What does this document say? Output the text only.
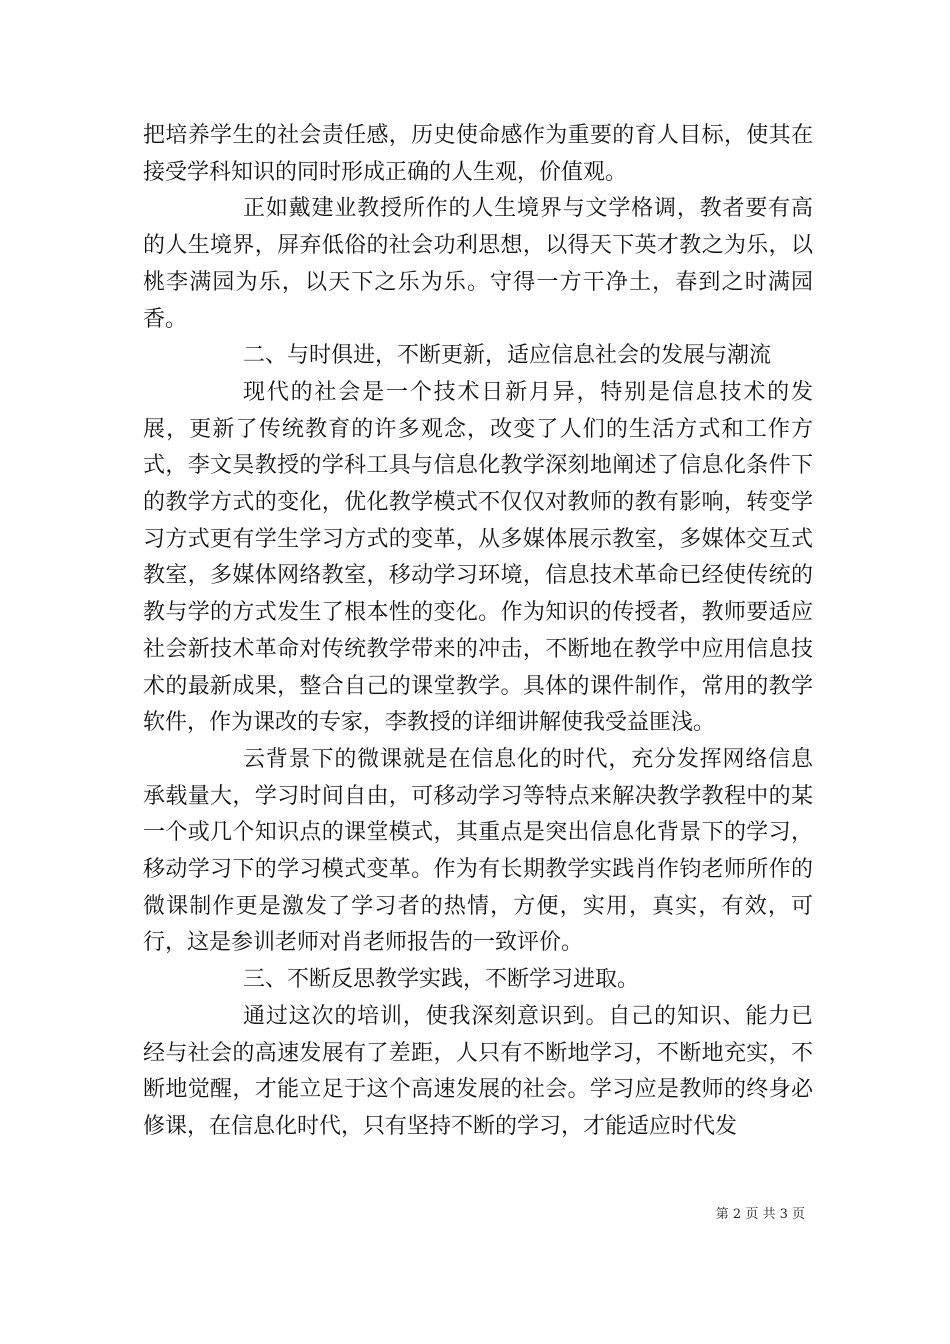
把培养学生的社会责任感，历史使命感作为重要的育人目标，使其在接受学科知识的同时形成正确的人生观，价值观。

正如戴建业教授所作的人生境界与文学格调，教者要有高的人生境界，屏弃低俗的社会功利思想，以得天下英才教之为乐，以桃李满园为乐，以天下之乐为乐。守得一方干净土，春到之时满园香。

二、与时俱进，不断更新，适应信息社会的发展与潮流

现代的社会是一个技术日新月异，特别是信息技术的发展，更新了传统教育的许多观念，改变了人们的生活方式和工作方式，李文昊教授的学科工具与信息化教学深刻地阐述了信息化条件下的教学方式的变化，优化教学模式不仅仅对教师的教有影响，转变学习方式更有学生学习方式的变革，从多媒体展示教室，多媒体交互式教室，多媒体网络教室，移动学习环境，信息技术革命已经使传统的教与学的方式发生了根本性的变化。作为知识的传授者，教师要适应社会新技术革命对传统教学带来的冲击，不断地在教学中应用信息技术的最新成果，整合自己的课堂教学。具体的课件制作，常用的教学软件，作为课改的专家，李教授的详细讲解使我受益匪浅。

云背景下的微课就是在信息化的时代，充分发挥网络信息承载量大，学习时间自由，可移动学习等特点来解决教学教程中的某一个或几个知识点的课堂模式，其重点是突出信息化背景下的学习，移动学习下的学习模式变革。作为有长期教学实践肖作钧老师所作的微课制作更是激发了学习者的热情，方便，实用，真实，有效，可行，这是参训老师对肖老师报告的一致评价。

三、不断反思教学实践，不断学习进取。

通过这次的培训，使我深刻意识到。自己的知识、能力已经与社会的高速发展有了差距，人只有不断地学习，不断地充实，不断地觉醒，才能立足于这个高速发展的社会。学习应是教师的终身必修课，在信息化时代，只有坚持不断的学习，才能适应时代发

第 2 页 共 3 页
